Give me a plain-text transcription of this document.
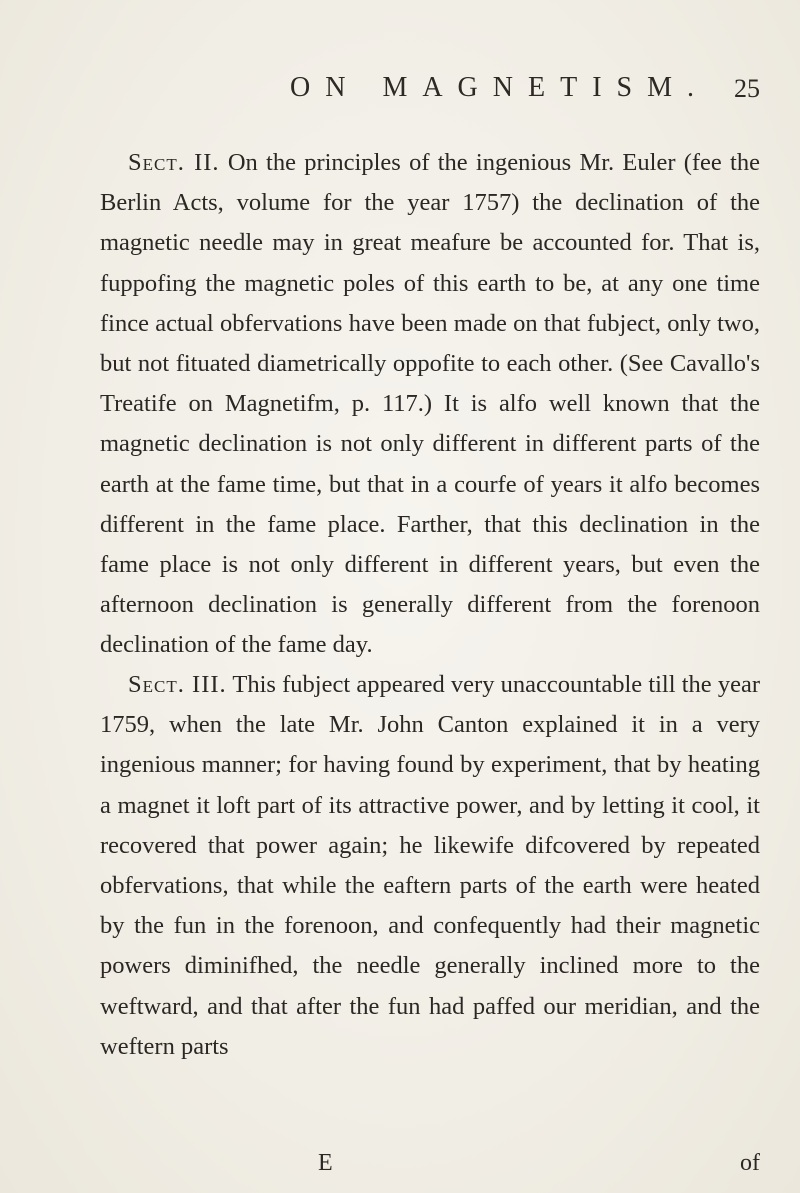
ON MAGNETISM. 25

Sect. II. On the principles of the ingenious Mr. Euler (fee the Berlin Acts, volume for the year 1757) the declination of the magnetic needle may in great meafure be accounted for. That is, fuppofing the magnetic poles of this earth to be, at any one time fince actual obfervations have been made on that fubject, only two, but not fituated diametrically oppofite to each other. (See Cavallo's Treatife on Magnetifm, p. 117.) It is alfo well known that the magnetic declination is not only different in different parts of the earth at the fame time, but that in a courfe of years it alfo becomes different in the fame place. Farther, that this declination in the fame place is not only different in different years, but even the afternoon declination is generally different from the forenoon declination of the fame day.

Sect. III. This fubject appeared very unaccountable till the year 1759, when the late Mr. John Canton explained it in a very ingenious manner; for having found by experiment, that by heating a magnet it loft part of its attractive power, and by letting it cool, it recovered that power again; he likewife difcovered by repeated obfervations, that while the eaftern parts of the earth were heated by the fun in the forenoon, and confequently had their magnetic powers diminifhed, the needle generally inclined more to the weftward, and that after the fun had paffed our meridian, and the weftern parts

E	of
